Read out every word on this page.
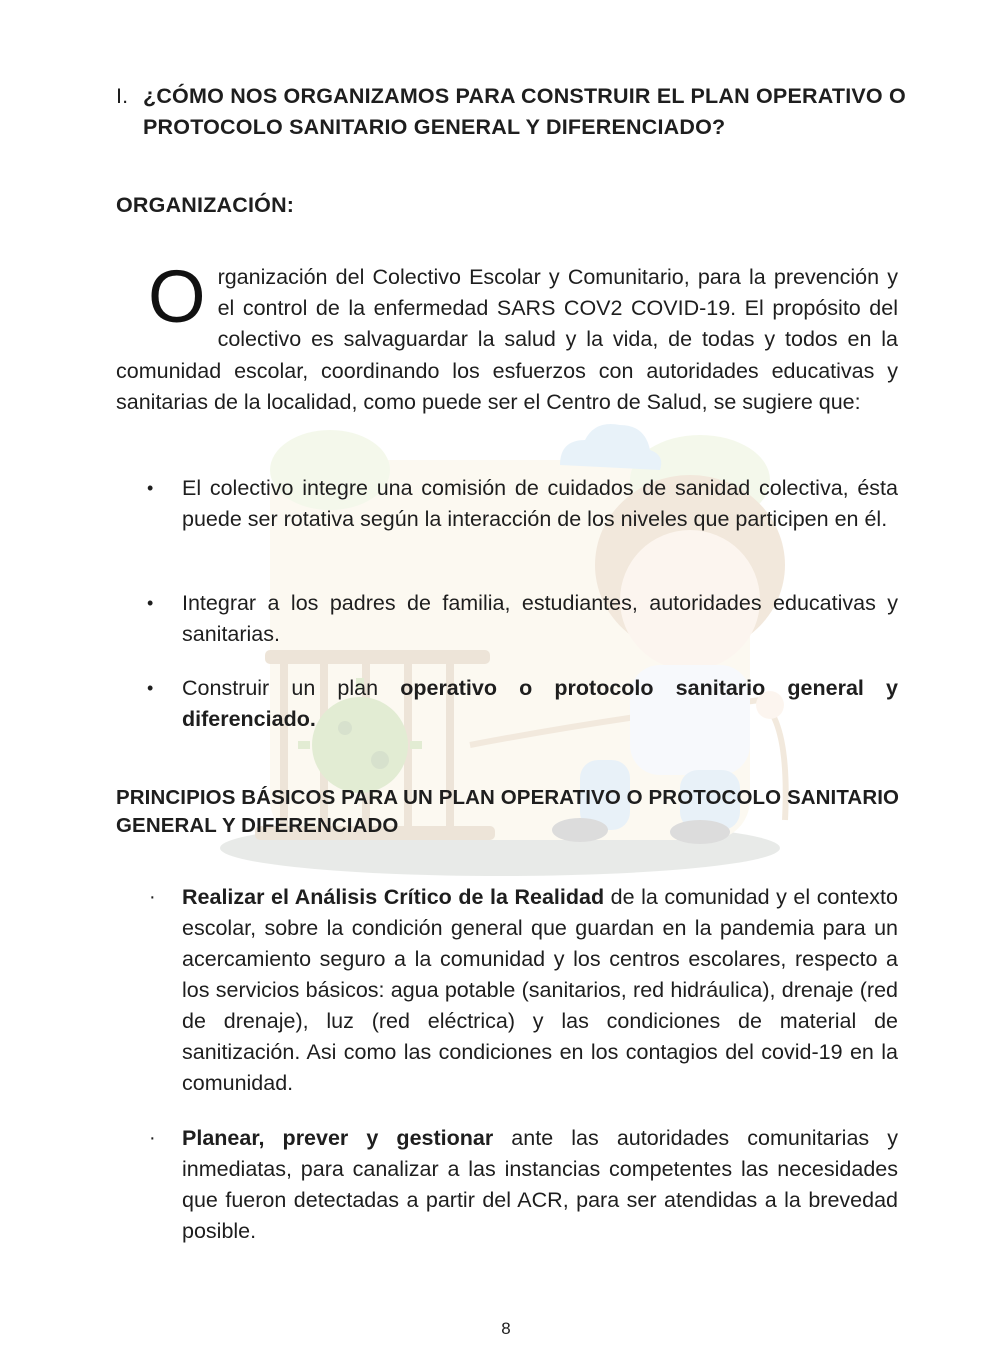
I. ¿CÓMO NOS ORGANIZAMOS PARA CONSTRUIR EL PLAN OPERATIVO O PROTOCOLO SANITARIO GENERAL Y DIFERENCIADO?
ORGANIZACIÓN:
Organización del Colectivo Escolar y Comunitario, para la prevención y el control de la enfermedad SARS COV2 COVID-19. El propósito del colectivo es salvaguardar la salud y la vida, de todas y todos en la comunidad escolar, coordinando los esfuerzos con autoridades educativas y sanitarias de la localidad, como puede ser el Centro de Salud, se sugiere que:
• El colectivo integre una comisión de cuidados de sanidad colectiva, ésta puede ser rotativa según la interacción de los niveles que participen en él.
• Integrar a los padres de familia, estudiantes, autoridades educativas y sanitarias.
• Construir un plan operativo o protocolo sanitario general y diferenciado.
PRINCIPIOS BÁSICOS PARA UN PLAN OPERATIVO O PROTOCOLO SANITARIO GENERAL Y DIFERENCIADO
· Realizar el Análisis Crítico de la Realidad de la comunidad y el contexto escolar, sobre la condición general que guardan en la pandemia para un acercamiento seguro a la comunidad y los centros escolares, respecto a los servicios básicos: agua potable (sanitarios, red hidráulica), drenaje (red de drenaje), luz (red eléctrica) y las condiciones de material de sanitización. Asi como las condiciones en los contagios del covid-19 en la comunidad.
· Planear, prever y gestionar ante las autoridades comunitarias y inmediatas, para canalizar a las instancias competentes las necesidades que fueron detectadas a partir del ACR, para ser atendidas a la brevedad posible.
8
